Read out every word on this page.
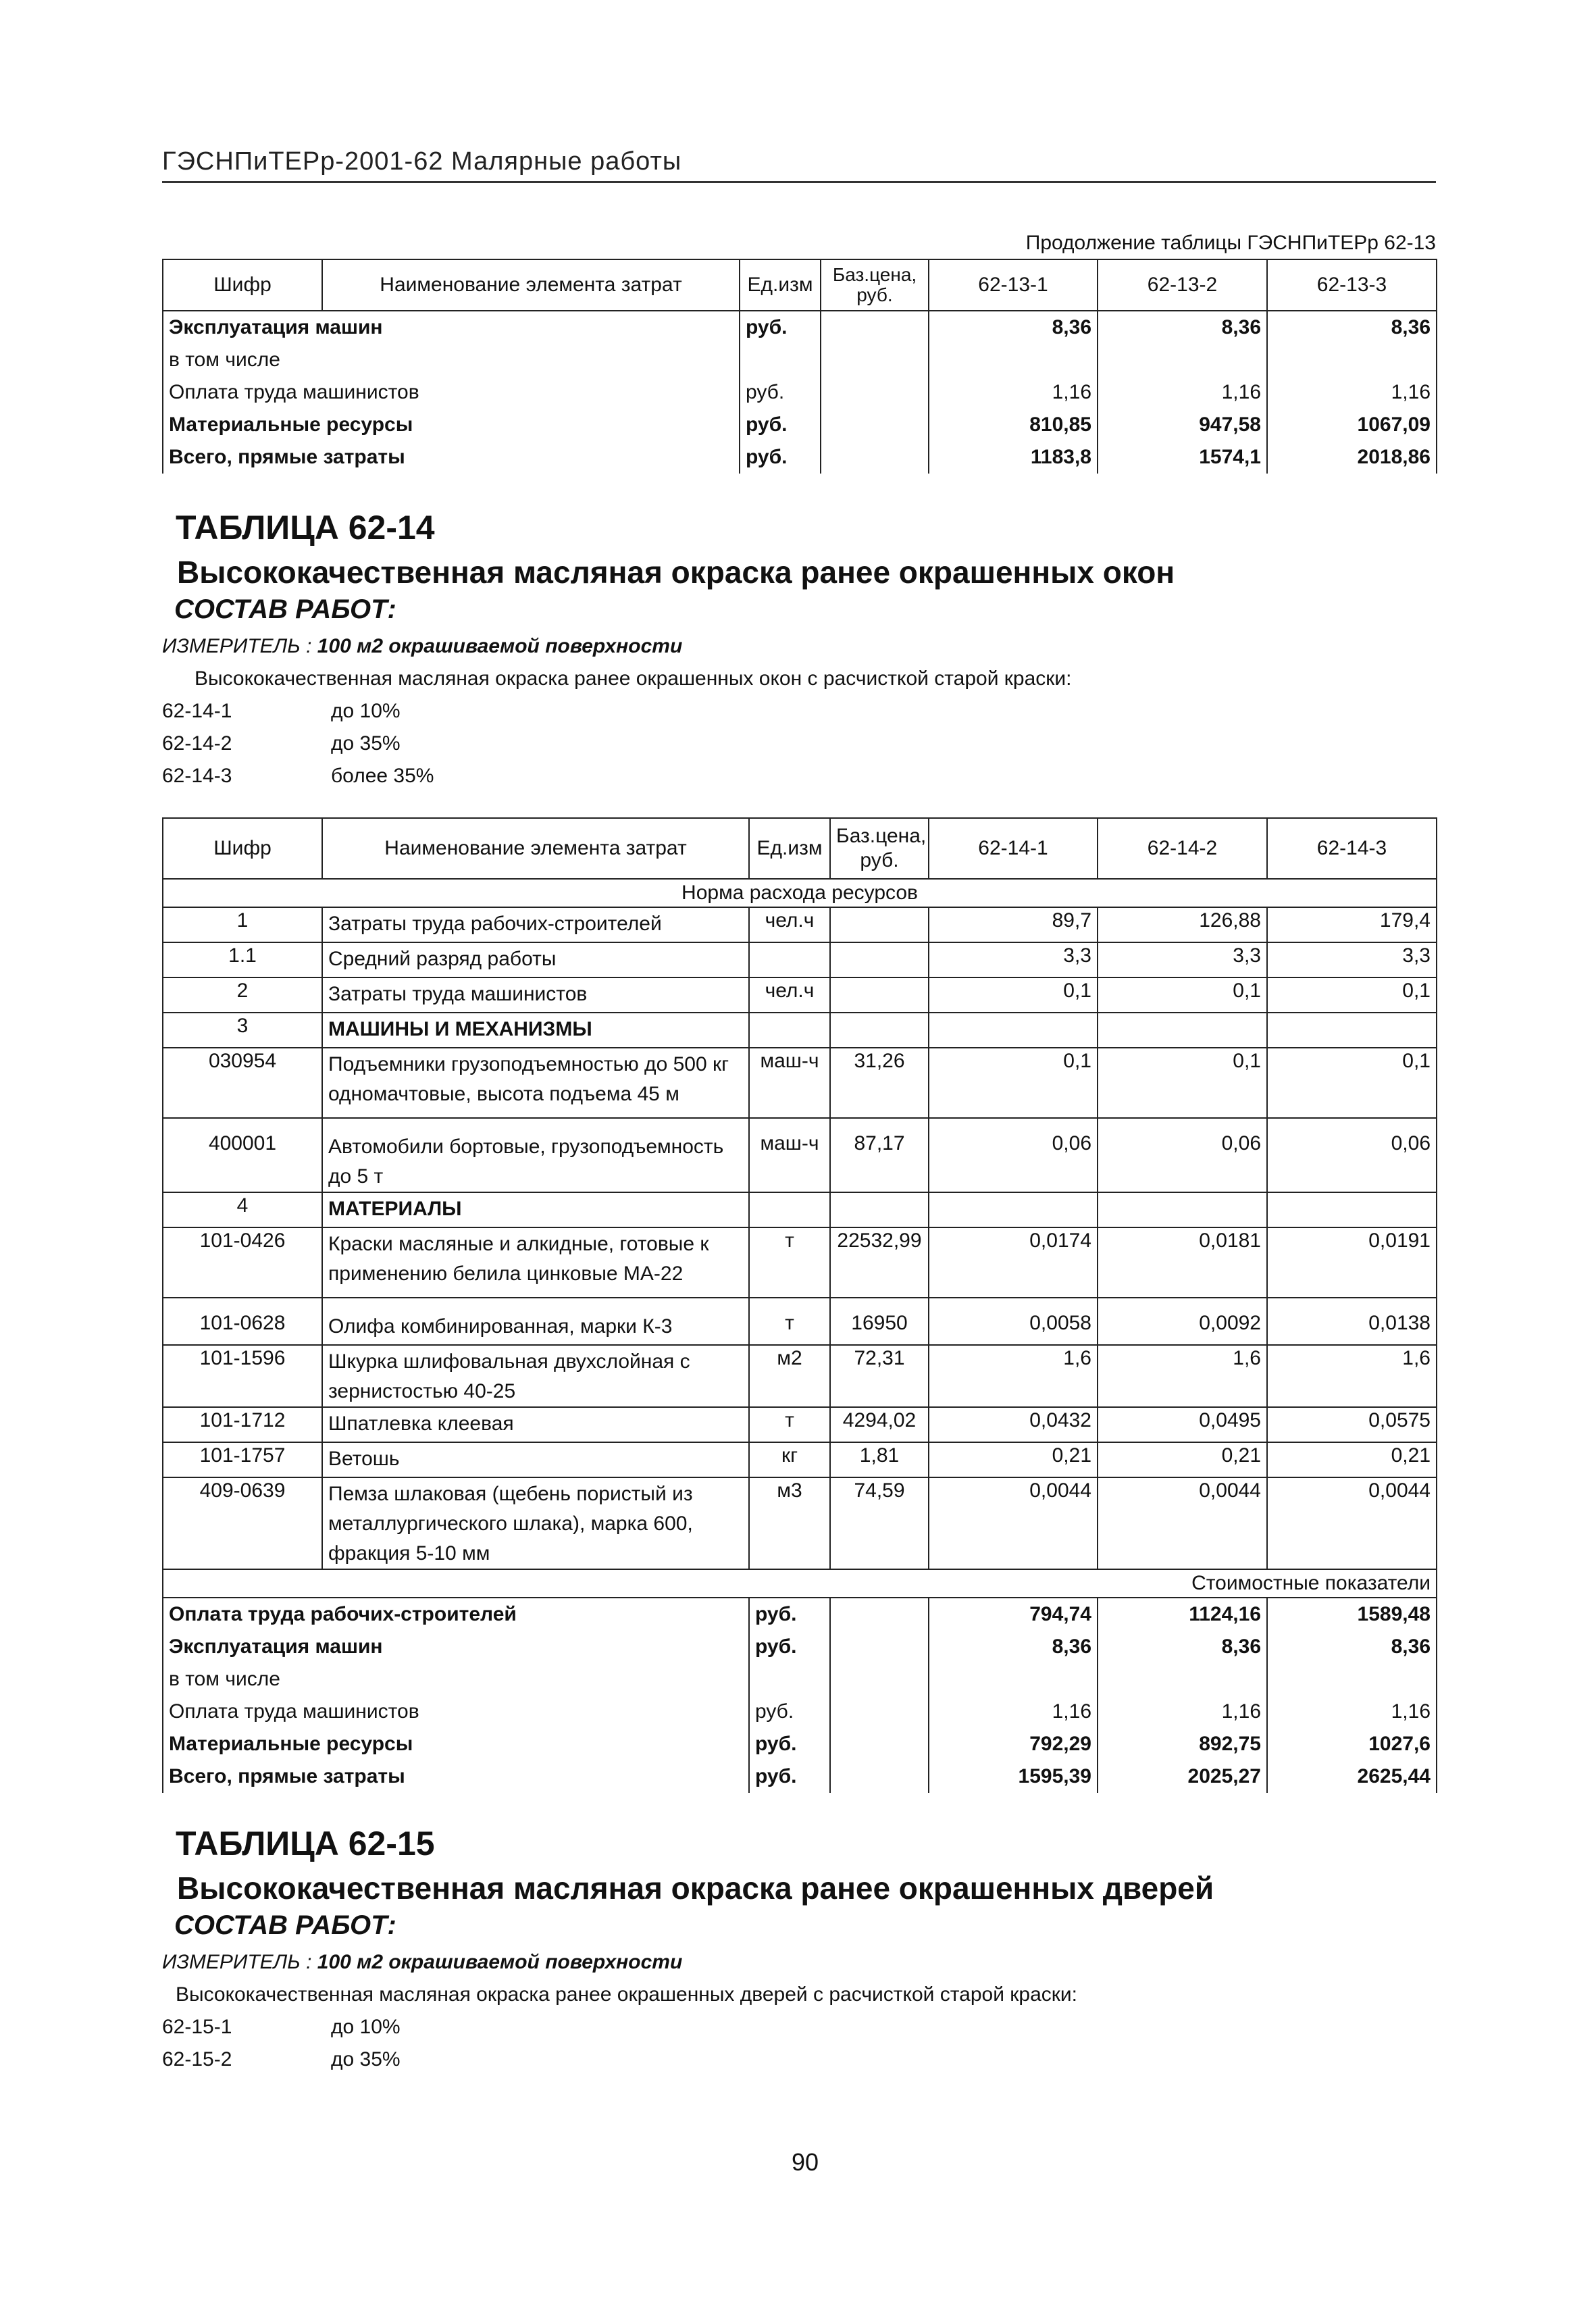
ГЭСНПиТЕРр-2001-62 Малярные работы
Продолжение таблицы ГЭСНПиТЕРр 62-13
Шифр	Наименование элемента затрат	Ед.изм	Баз.цена, руб.	62-13-1	62-13-2	62-13-3
Эксплуатация машин		руб.		8,36	8,36	8,36
в том числе						
Оплата труда машинистов		руб.		1,16	1,16	1,16
Материальные ресурсы		руб.		810,85	947,58	1067,09
Всего, прямые затраты		руб.		1183,8	1574,1	2018,86
ТАБЛИЦА 62-14
Высококачественная масляная окраска ранее окрашенных окон
СОСТАВ РАБОТ:
ИЗМЕРИТЕЛЬ : 100 м2 окрашиваемой поверхности
Высококачественная масляная окраска ранее окрашенных окон с расчисткой старой краски:
62-14-1	до 10%
62-14-2	до 35%
62-14-3	более 35%
Шифр	Наименование элемента затрат	Ед.изм	Баз.цена, руб.	62-14-1	62-14-2	62-14-3
Норма расхода ресурсов						
1	Затраты труда рабочих-строителей	чел.ч		89,7	126,88	179,4
1.1	Средний разряд работы			3,3	3,3	3,3
2	Затраты труда машинистов	чел.ч		0,1	0,1	0,1
3	МАШИНЫ И МЕХАНИЗМЫ					
030954	Подъемники грузоподъемностью до 500 кг одномачтовые, высота подъема 45 м	маш-ч	31,26	0,1	0,1	0,1
400001	Автомобили бортовые, грузоподъемность до 5 т	маш-ч	87,17	0,06	0,06	0,06
4	МАТЕРИАЛЫ					
101-0426	Краски масляные и алкидные, готовые к применению белила цинковые МА-22	т	22532,99	0,0174	0,0181	0,0191
101-0628	Олифа комбинированная, марки К-3	т	16950	0,0058	0,0092	0,0138
101-1596	Шкурка шлифовальная двухслойная с зернистостью 40-25	м2	72,31	1,6	1,6	1,6
101-1712	Шпатлевка клеевая	т	4294,02	0,0432	0,0495	0,0575
101-1757	Ветошь	кг	1,81	0,21	0,21	0,21
409-0639	Пемза шлаковая (щебень пористый из металлургического шлака), марка 600, фракция 5-10 мм	м3	74,59	0,0044	0,0044	0,0044
Стоимостные показатели						
Оплата труда рабочих-строителей		руб.		794,74	1124,16	1589,48
Эксплуатация машин		руб.		8,36	8,36	8,36
в том числе						
Оплата труда машинистов		руб.		1,16	1,16	1,16
Материальные ресурсы		руб.		792,29	892,75	1027,6
Всего, прямые затраты		руб.		1595,39	2025,27	2625,44
ТАБЛИЦА 62-15
Высококачественная масляная окраска ранее окрашенных дверей
СОСТАВ РАБОТ:
ИЗМЕРИТЕЛЬ : 100 м2 окрашиваемой поверхности
Высококачественная масляная окраска ранее окрашенных дверей с расчисткой старой краски:
62-15-1	до 10%
62-15-2	до 35%
90
